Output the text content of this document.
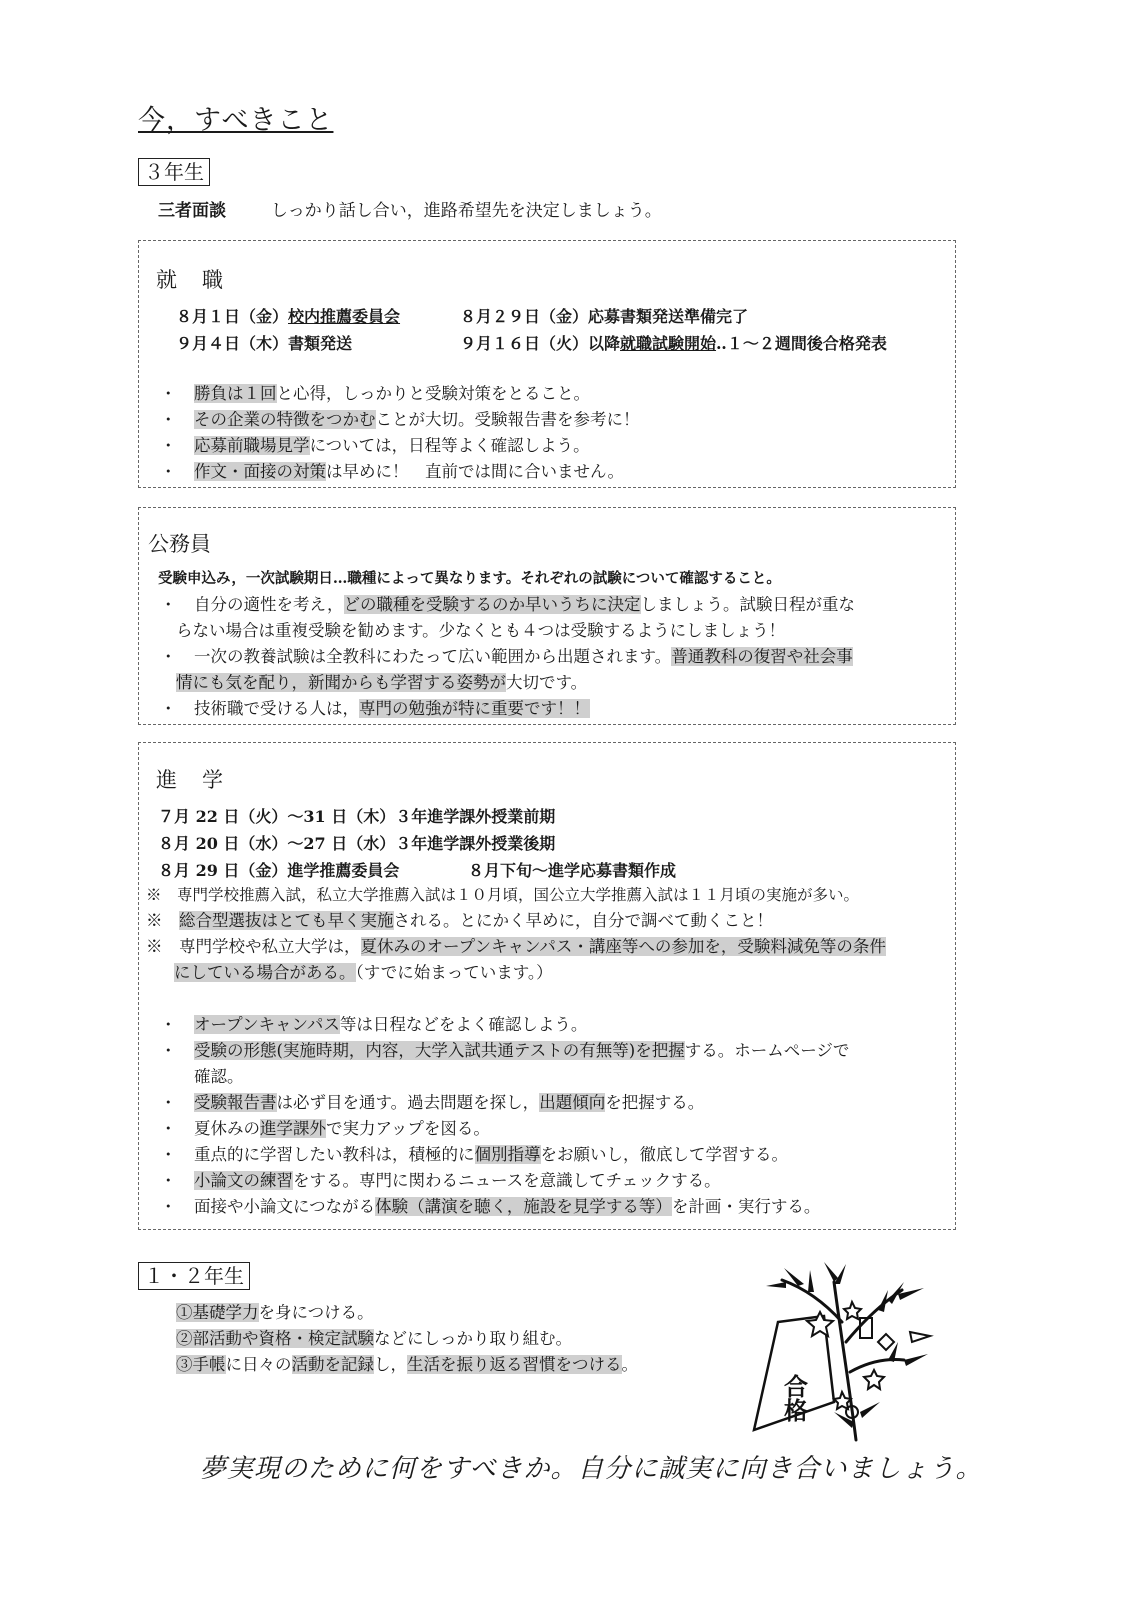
今，すべきこと
３年生
三者面談	しっかり話し合い，進路希望先を決定しましょう。
就　職
８月１日（金）校内推薦委員会	８月２９日（金）応募書類発送準備完了
９月４日（木）書類発送	９月１６日（火）以降就職試験開始‥１～２週間後合格発表
・ 勝負は１回と心得，しっかりと受験対策をとること。
・ その企業の特徴をつかむことが大切。受験報告書を参考に！
・ 応募前職場見学については，日程等よく確認しよう。
・ 作文・面接の対策は早めに！　直前では間に合いません。
公務員
受験申込み，一次試験期日…職種によって異なります。それぞれの試験について確認すること。
・ 自分の適性を考え，どの職種を受験するのか早いうちに決定しましょう。試験日程が重な
らない場合は重複受験を勧めます。少なくとも４つは受験するようにしましょう！
・ 一次の教養試験は全教科にわたって広い範囲から出題されます。普通教科の復習や社会事
情にも気を配り，新聞からも学習する姿勢が大切です。
・ 技術職で受ける人は，専門の勉強が特に重要です！！
進　学
７月 22 日（火）～31 日（木）３年進学課外授業前期
８月 20 日（水）～27 日（水）３年進学課外授業後期
８月 29 日（金）進学推薦委員会	８月下旬～進学応募書類作成
※　専門学校推薦入試，私立大学推薦入試は１０月頃，国公立大学推薦入試は１１月頃の実施が多い。
※　総合型選抜はとても早く実施される。とにかく早めに，自分で調べて動くこと！
※　専門学校や私立大学は，夏休みのオープンキャンパス・講座等への参加を，受験料減免等の条件
にしている場合がある。（すでに始まっています。）
・ オープンキャンパス等は日程などをよく確認しよう。
・ 受験の形態(実施時期，内容，大学入試共通テストの有無等)を把握する。ホームページで
確認。
・ 受験報告書は必ず目を通す。過去問題を探し，出題傾向を把握する。
・ 夏休みの進学課外で実力アップを図る。
・ 重点的に学習したい教科は，積極的に個別指導をお願いし，徹底して学習する。
・ 小論文の練習をする。専門に関わるニュースを意識してチェックする。
・ 面接や小論文につながる体験（講演を聴く，施設を見学する等）を計画・実行する。
１・２年生
①基礎学力を身につける。
②部活動や資格・検定試験などにしっかり取り組む。
③手帳に日々の活動を記録し，生活を振り返る習慣をつける。
合格
夢実現のために何をすべきか。自分に誠実に向き合いましょう。
